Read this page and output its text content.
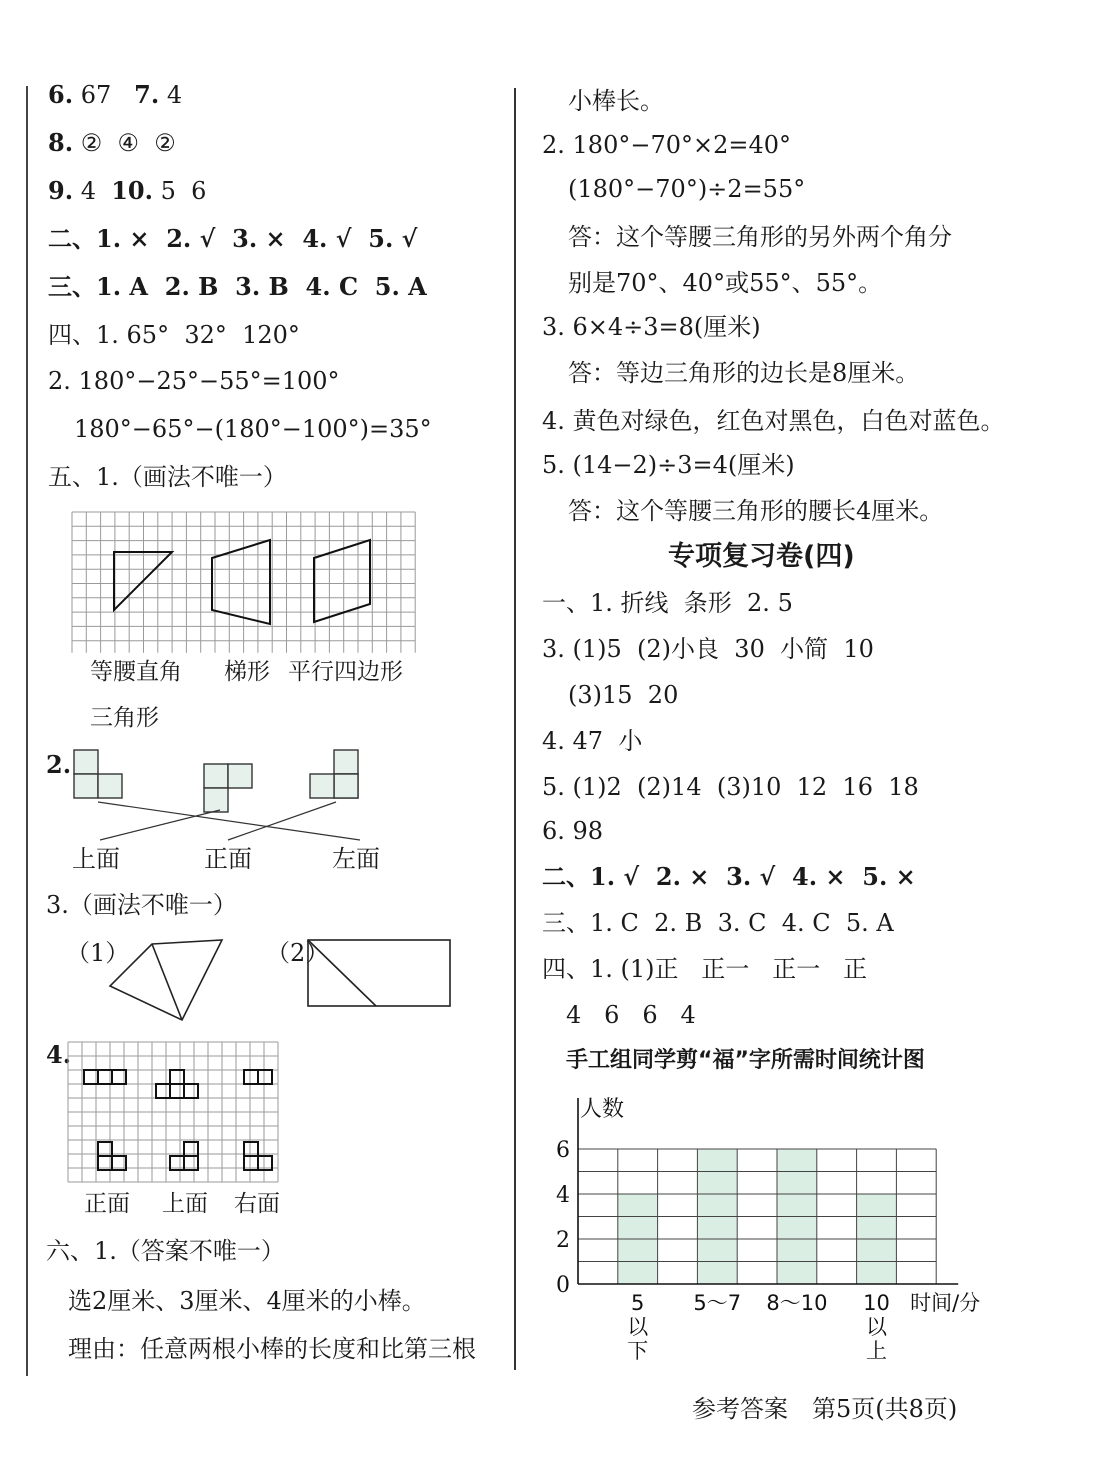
6. 67 7. 4
8. ②  ④  ②
9. 4 10. 5  6
二、1. ×  2. √  3. ×  4. √  5. √
三、1. A  2. B  3. B  4. C  5. A
四、1. 65°  32°  120°
2. 180°−25°−55°=100°
180°−65°−(180°−100°)=35°
五、1.（画法不唯一）
等腰直角 梯形 平行四边形
三角形
2.
上面	正面	左面
3.（画法不唯一）
（1）	（2）
4.
正面 上面 右面
六、1.（答案不唯一）
选2厘米、3厘米、4厘米的小棒。
理由：任意两根小棒的长度和比第三根
小棒长。
2. 180°−70°×2=40°
(180°−70°)÷2=55°
答：这个等腰三角形的另外两个角分
别是70°、40°或55°、55°。
3. 6×4÷3=8(厘米)
答：等边三角形的边长是8厘米。
4. 黄色对绿色，红色对黑色，白色对蓝色。
5. (14−2)÷3=4(厘米)
答：这个等腰三角形的腰长4厘米。
专项复习卷(四)
一、1. 折线  条形  2. 5
3. (1)5  (2)小良  30  小简  10
(3)15  20
4. 47  小
5. (1)2  (2)14  (3)10  12  16  18
6. 98
二、1. √  2. ×  3. √  4. ×  5. ×
三、1. C  2. B  3. C  4. C  5. A
四、1. (1)正   正一   正一   正
4   6   6   4
手工组同学剪“福”字所需时间统计图
人数
0
2
4
6
5
以
下
5～7 8～10 10
以
上
时间/分
参考答案　第5页(共8页)
